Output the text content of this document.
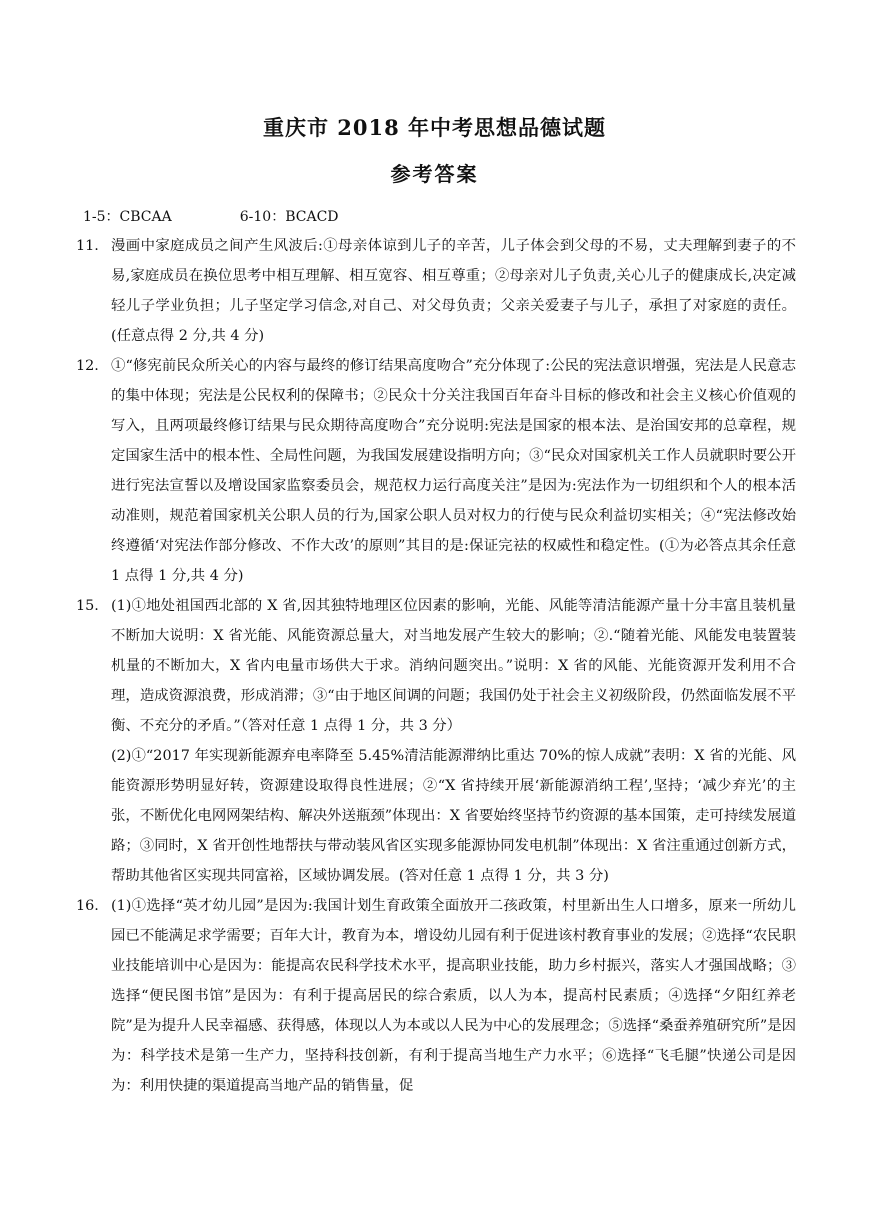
重庆市 2018 年中考思想品德试题
参考答案
1-5：CBCAA	6-10：BCACD
11. 漫画中家庭成员之间产生风波后:①母亲体谅到儿子的辛苦，儿子体会到父母的不易，丈夫理解到妻子的不易,家庭成员在换位思考中相互理解、相互宽容、相互尊重；②母亲对儿子负责,关心儿子的健康成长,决定减轻儿子学业负担；儿子坚定学习信念,对自己、对父母负责；父亲关爱妻子与儿子，承担了对家庭的责任。(任意点得 2 分,共 4 分)

12. ①“修宪前民众所关心的内容与最终的修订结果高度吻合”充分体现了:公民的宪法意识增强，宪法是人民意志的集中体现；宪法是公民权利的保障书；②民众十分关注我国百年奋斗目标的修改和社会主义核心价值观的写入，且两项最终修订结果与民众期待高度吻合”充分说明:宪法是国家的根本法、是治国安邦的总章程，规定国家生活中的根本性、全局性问题，为我国发展建设指明方向；③“民众对国家机关工作人员就职时要公开进行宪法宣誓以及增设国家监察委员会，规范权力运行高度关注”是因为:宪法作为一切组织和个人的根本活动准则，规范着国家机关公职人员的行为,国家公职人员对权力的行使与民众利益切实相关；④“宪法修改始终遵循‘对宪法作部分修改、不作大改’的原则”其目的是:保证完祛的权威性和稳定性。(①为必答点其余任意 1 点得 1 分,共 4 分)

15. (1)①地处祖国西北部的 X 省,因其独特地理区位因素的影响，光能、风能等清洁能源产量十分丰富且装机量不断加大说明：X 省光能、风能资源总量大，对当地发展产生较大的影响；②.“随着光能、风能发电装置装机量的不断加大，X 省内电量市场供大于求。消纳问题突出。”说明：X 省的风能、光能资源开发利用不合理，造成资源浪费，形成消滞；③“由于地区间调的问题；我国仍处于社会主义初级阶段，仍然面临发展不平衡、不充分的矛盾。”（答对任意 1 点得 1 分，共 3 分）

(2)①“2017 年实现新能源弃电率降至 5.45%清洁能源滞纳比重达 70%的惊人成就”表明：X 省的光能、风能资源形势明显好转，资源建设取得良性进展；②“X 省持续开展‘新能源消纳工程’,坚持；‘减少弃光’的主张，不断优化电网网架结构、解决外送瓶颈”体现出：X 省要始终坚持节约资源的基本国策，走可持续发展道路；③同时，X 省开创性地帮扶与带动装风省区实现多能源协同发电机制”体现出：X 省注重通过创新方式，帮助其他省区实现共同富裕，区域协调发展。(答对任意 1 点得 1 分，共 3 分)

16. (1)①选择“英才幼儿园”是因为:我国计划生育政策全面放开二孩政策，村里新出生人口增多，原来一所幼儿园已不能满足求学需要；百年大计，教育为本，增设幼儿园有利于促进该村教育事业的发展；②选择“农民职业技能培训中心是因为：能提高农民科学技术水平，提高职业技能，助力乡村振兴，落实人才强国战略；③选择“便民图书馆”是因为：有利于提高居民的综合索质，以人为本，提高村民素质；④选择“夕阳红养老院”是为提升人民幸福感、获得感，体现以人为本或以人民为中心的发展理念；⑤选择“桑蚕养殖研究所”是因为：科学技术是第一生产力，坚持科技创新，有利于提高当地生产力水平；⑥选择“飞毛腿”快递公司是因为：利用快捷的渠道提高当地产品的销售量，促
